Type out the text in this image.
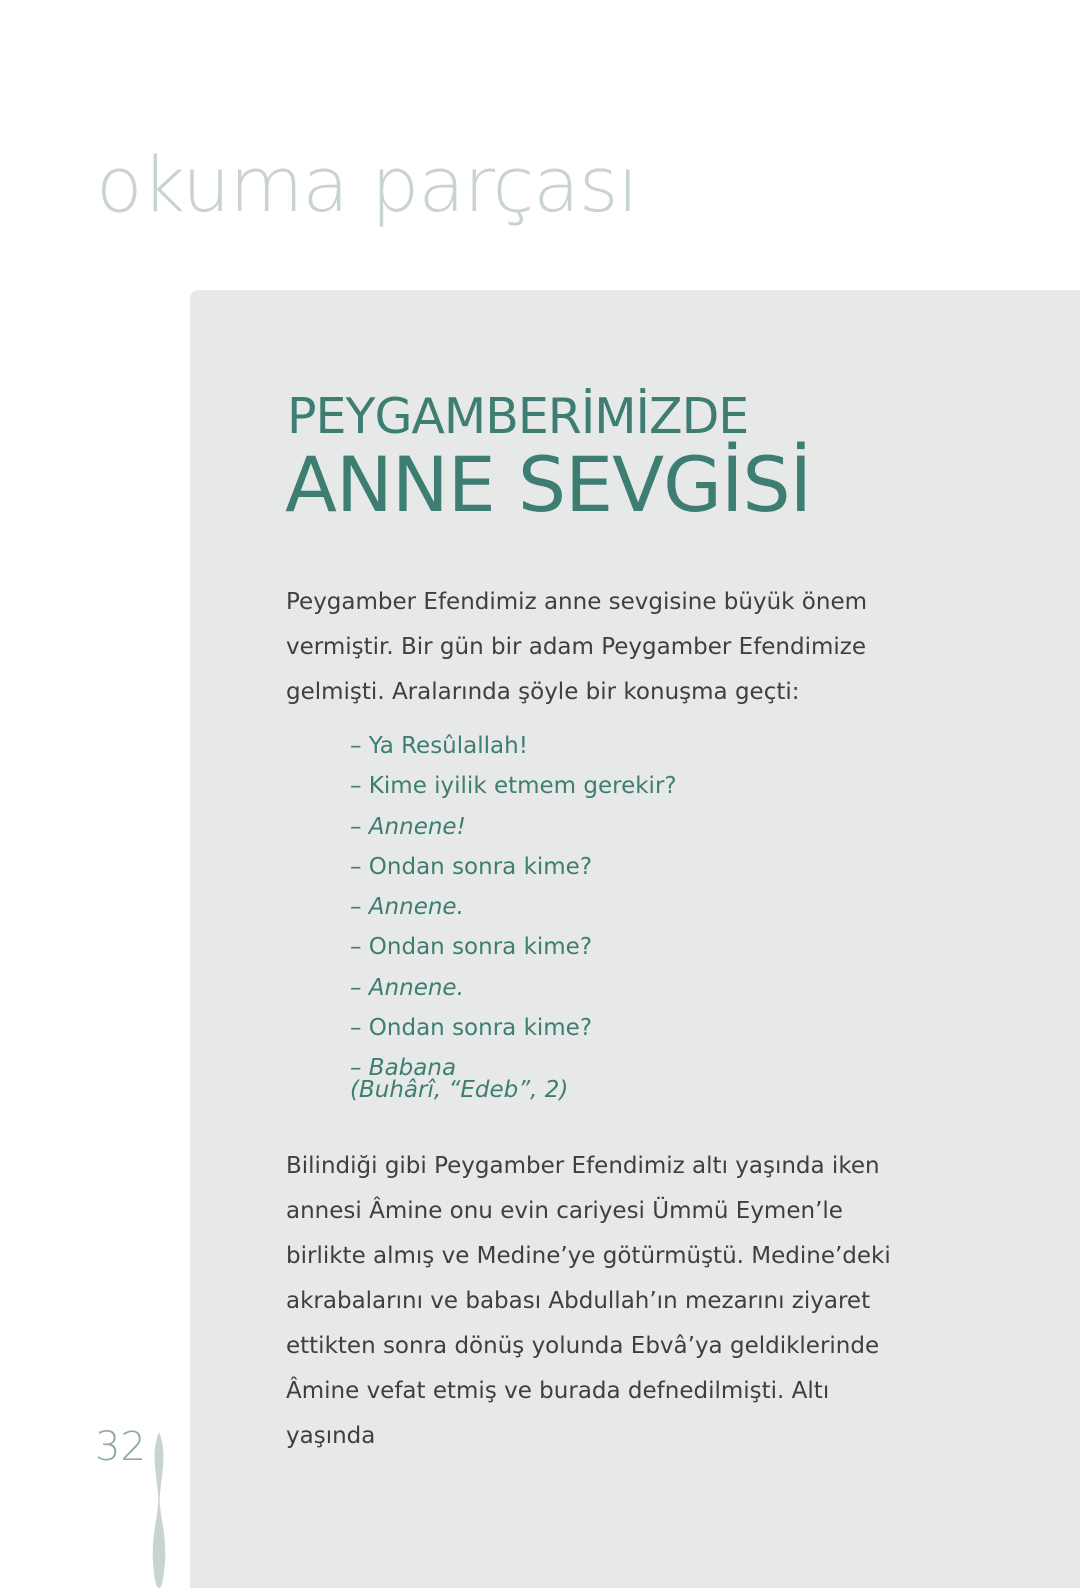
okuma parçası
PEYGAMBERİMİZDE
ANNE SEVGİSİ

Peygamber Efendimiz anne sevgisine büyük önem vermiştir. Bir gün bir adam Peygamber Efendimize gelmişti. Aralarında şöyle bir konuşma geçti:

– Ya Resûlallah!
– Kime iyilik etmem gerekir?
– Annene!
– Ondan sonra kime?
– Annene.
– Ondan sonra kime?
– Annene.
– Ondan sonra kime?
– Babana
(Buhârî, “Edeb”, 2)

Bilindiği gibi Peygamber Efendimiz altı yaşında iken annesi Âmine onu evin cariyesi Ümmü Eymen’le birlikte almış ve Medine’ye götürmüştü. Medine’deki akrabalarını ve babası Abdullah’ın mezarını ziyaret ettikten sonra dönüş yolunda Ebvâ’ya geldiklerinde Âmine vefat etmiş ve burada defnedilmişti. Altı yaşında

32
